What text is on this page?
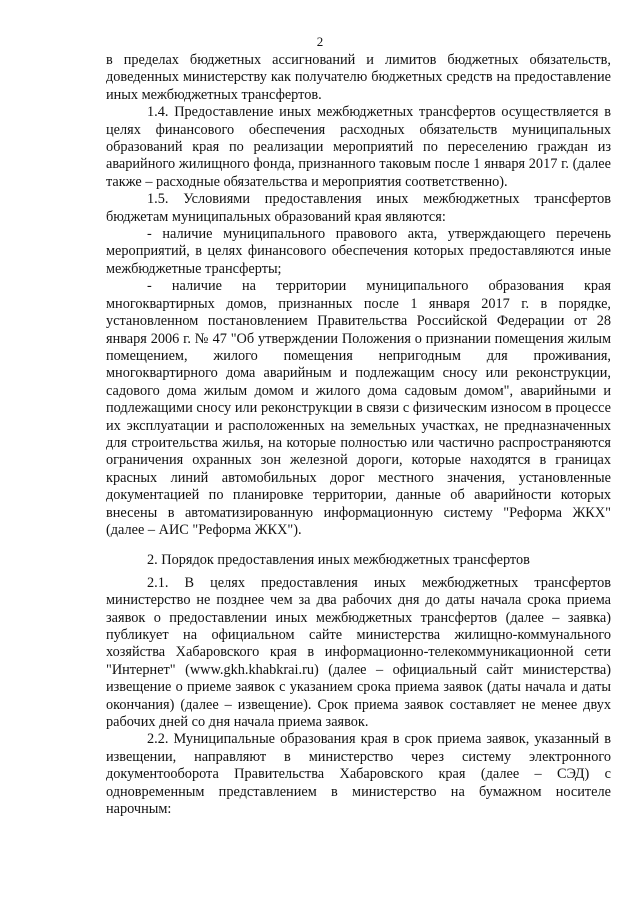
2

в пределах бюджетных ассигнований и лимитов бюджетных обязательств, доведенных министерству как получателю бюджетных средств на предоставление иных межбюджетных трансфертов.

1.4. Предоставление иных межбюджетных трансфертов осуществляется в целях финансового обеспечения расходных обязательств муниципальных образований края по реализации мероприятий по переселению граждан из аварийного жилищного фонда, признанного таковым после 1 января 2017 г. (далее также – расходные обязательства и мероприятия соответственно).

1.5. Условиями предоставления иных межбюджетных трансфертов бюджетам муниципальных образований края являются:

- наличие муниципального правового акта, утверждающего перечень мероприятий, в целях финансового обеспечения которых предоставляются иные межбюджетные трансферты;

- наличие на территории муниципального образования края многоквартирных домов, признанных после 1 января 2017 г. в порядке, установленном постановлением Правительства Российской Федерации от 28 января 2006 г. № 47 "Об утверждении Положения о признании помещения жилым помещением, жилого помещения непригодным для проживания, многоквартирного дома аварийным и подлежащим сносу или реконструкции, садового дома жилым домом и жилого дома садовым домом", аварийными и подлежащими сносу или реконструкции в связи с физическим износом в процессе их эксплуатации и расположенных на земельных участках, не предназначенных для строительства жилья, на которые полностью или частично распространяются ограничения охранных зон железной дороги, которые находятся в границах красных линий автомобильных дорог местного значения, установленные документацией по планировке территории, данные об аварийности которых внесены в автоматизированную информационную систему "Реформа ЖКХ" (далее – АИС "Реформа ЖКХ").

2. Порядок предоставления иных межбюджетных трансфертов

2.1. В целях предоставления иных межбюджетных трансфертов министерство не позднее чем за два рабочих дня до даты начала срока приема заявок о предоставлении иных межбюджетных трансфертов (далее – заявка) публикует на официальном сайте министерства жилищно-коммунального хозяйства Хабаровского края в информационно-телекоммуникационной сети "Интернет" (www.gkh.khabkrai.ru) (далее – официальный сайт министерства) извещение о приеме заявок с указанием срока приема заявок (даты начала и даты окончания) (далее – извещение). Срок приема заявок составляет не менее двух рабочих дней со дня начала приема заявок.

2.2. Муниципальные образования края в срок приема заявок, указанный в извещении, направляют в министерство через систему электронного документооборота Правительства Хабаровского края (далее – СЭД) с одновременным представлением в министерство на бумажном носителе нарочным:
